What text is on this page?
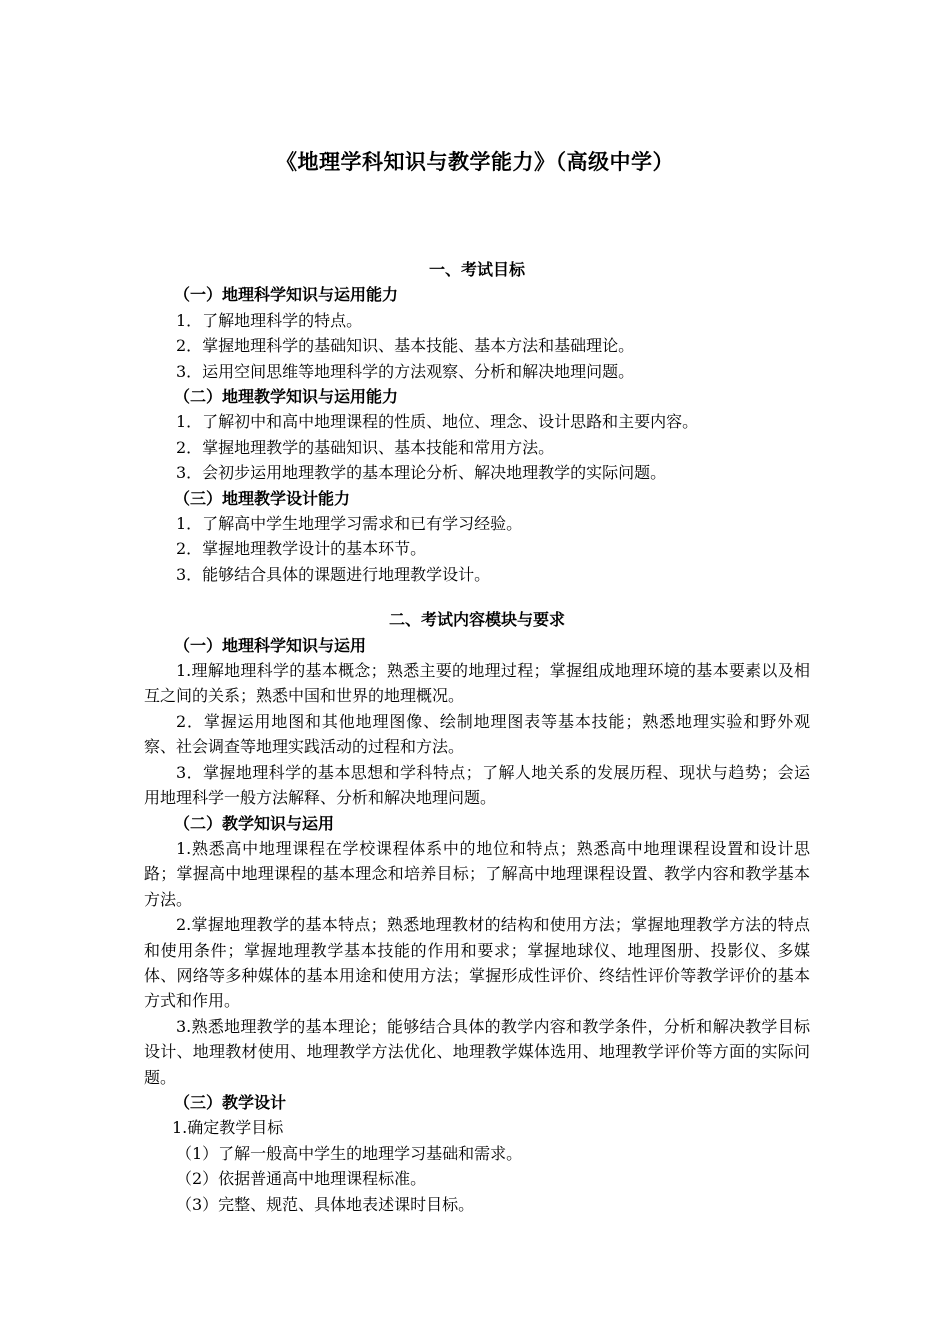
《地理学科知识与教学能力》（高级中学）
一、考试目标
（一）地理科学知识与运用能力
1．了解地理科学的特点。
2．掌握地理科学的基础知识、基本技能、基本方法和基础理论。
3．运用空间思维等地理科学的方法观察、分析和解决地理问题。
（二）地理教学知识与运用能力
1．了解初中和高中地理课程的性质、地位、理念、设计思路和主要内容。
2．掌握地理教学的基础知识、基本技能和常用方法。
3．会初步运用地理教学的基本理论分析、解决地理教学的实际问题。
（三）地理教学设计能力
1．了解高中学生地理学习需求和已有学习经验。
2．掌握地理教学设计的基本环节。
3．能够结合具体的课题进行地理教学设计。
二、考试内容模块与要求
（一）地理科学知识与运用

1.理解地理科学的基本概念；熟悉主要的地理过程；掌握组成地理环境的基本要素以及相互之间的关系；熟悉中国和世界的地理概况。

2．掌握运用地图和其他地理图像、绘制地理图表等基本技能；熟悉地理实验和野外观察、社会调查等地理实践活动的过程和方法。

3．掌握地理科学的基本思想和学科特点；了解人地关系的发展历程、现状与趋势；会运用地理科学一般方法解释、分析和解决地理问题。

（二）教学知识与运用

1.熟悉高中地理课程在学校课程体系中的地位和特点；熟悉高中地理课程设置和设计思路；掌握高中地理课程的基本理念和培养目标；了解高中地理课程设置、教学内容和教学基本方法。

2.掌握地理教学的基本特点；熟悉地理教材的结构和使用方法；掌握地理教学方法的特点和使用条件；掌握地理教学基本技能的作用和要求；掌握地球仪、地理图册、投影仪、多媒体、网络等多种媒体的基本用途和使用方法；掌握形成性评价、终结性评价等教学评价的基本方式和作用。

3.熟悉地理教学的基本理论；能够结合具体的教学内容和教学条件，分析和解决教学目标设计、地理教材使用、地理教学方法优化、地理教学媒体选用、地理教学评价等方面的实际问题。

（三）教学设计
1.确定教学目标
（1）了解一般高中学生的地理学习基础和需求。
（2）依据普通高中地理课程标准。
（3）完整、规范、具体地表述课时目标。
